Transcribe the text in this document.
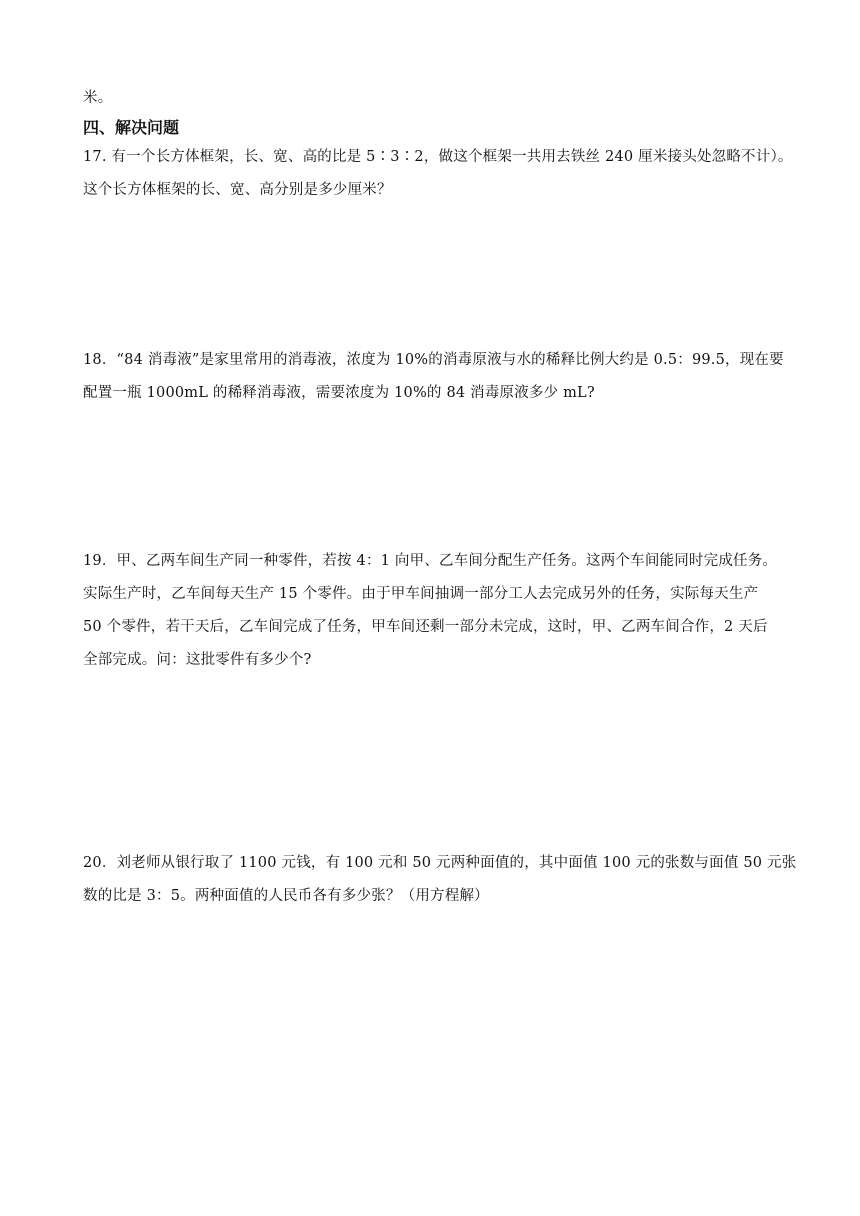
米。
四、解决问题
17. 有一个长方体框架，长、宽、高的比是 5∶3∶2，做这个框架一共用去铁丝 240 厘米接头处忽略不计）。
这个长方体框架的长、宽、高分别是多少厘米？
18．“84 消毒液”是家里常用的消毒液，浓度为 10%的消毒原液与水的稀释比例大约是 0.5：99.5，现在要
配置一瓶 1000mL 的稀释消毒液，需要浓度为 10%的 84 消毒原液多少 mL?
19．甲、乙两车间生产同一种零件，若按 4：1 向甲、乙车间分配生产任务。这两个车间能同时完成任务。
实际生产时，乙车间每天生产 15 个零件。由于甲车间抽调一部分工人去完成另外的任务，实际每天生产
50 个零件，若干天后，乙车间完成了任务，甲车间还剩一部分未完成，这时，甲、乙两车间合作，2 天后
全部完成。问：这批零件有多少个?
20．刘老师从银行取了 1100 元钱，有 100 元和 50 元两种面值的，其中面值 100 元的张数与面值 50 元张
数的比是 3：5。两种面值的人民币各有多少张？（用方程解）
